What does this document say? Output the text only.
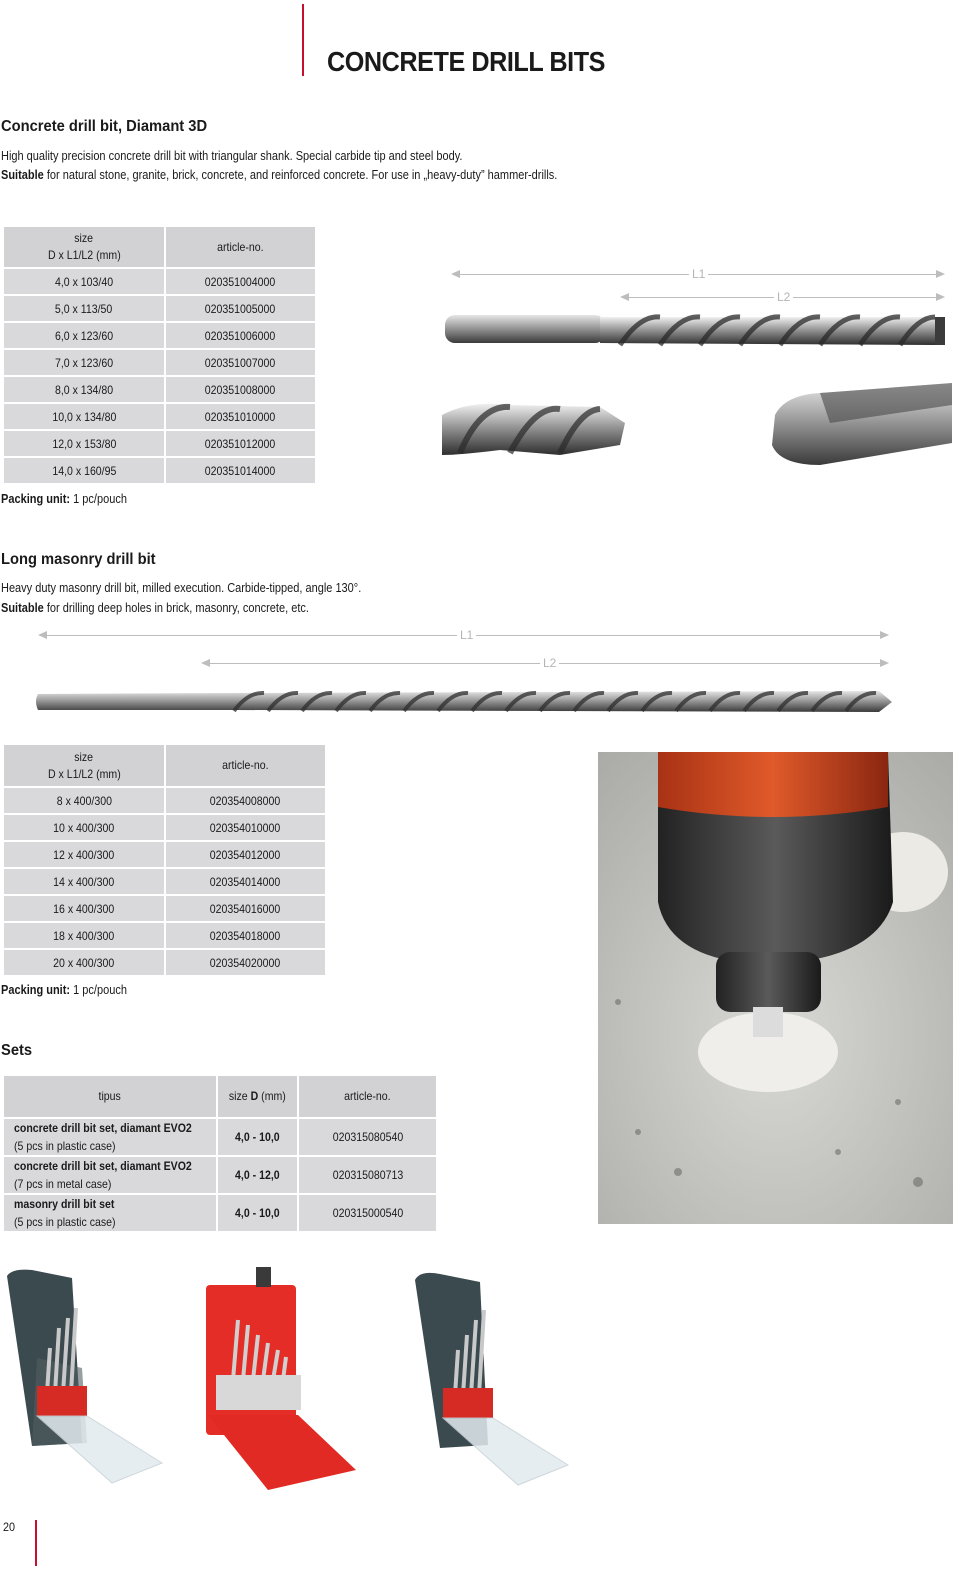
CONCRETE DRILL BITS
Concrete drill bit, Diamant 3D
High quality precision concrete drill bit with triangular shank. Special carbide tip and steel body.
Suitable for natural stone, granite, brick, concrete, and reinforced concrete. For use in „heavy-duty” hammer-drills.
size
D x L1/L2 (mm)	article-no.
4,0 x 103/40	020351004000
5,0 x 113/50	020351005000
6,0 x 123/60	020351006000
7,0 x 123/60	020351007000
8,0 x 134/80	020351008000
10,0 x 134/80	020351010000
12,0 x 153/80	020351012000
14,0 x 160/95	020351014000
Packing unit: 1 pc/pouch
L1
L2
Long masonry drill bit
Heavy duty masonry drill bit, milled execution. Carbide-tipped, angle 130°.
Suitable for drilling deep holes in brick, masonry, concrete, etc.
L1
L2
size
D x L1/L2 (mm)	article-no.
8 x 400/300	020354008000
10 x 400/300	020354010000
12 x 400/300	020354012000
14 x 400/300	020354014000
16 x 400/300	020354016000
18 x 400/300	020354018000
20 x 400/300	020354020000
Packing unit: 1 pc/pouch
Sets
tipus	size D (mm)	article-no.
concrete drill bit set, diamant EVO2
(5 pcs in plastic case)	4,0 - 10,0	020315080540
concrete drill bit set, diamant EVO2
(7 pcs in metal case)	4,0 - 12,0	020315080713
masonry drill bit set
(5 pcs in plastic case)	4,0 - 10,0	020315000540
20
